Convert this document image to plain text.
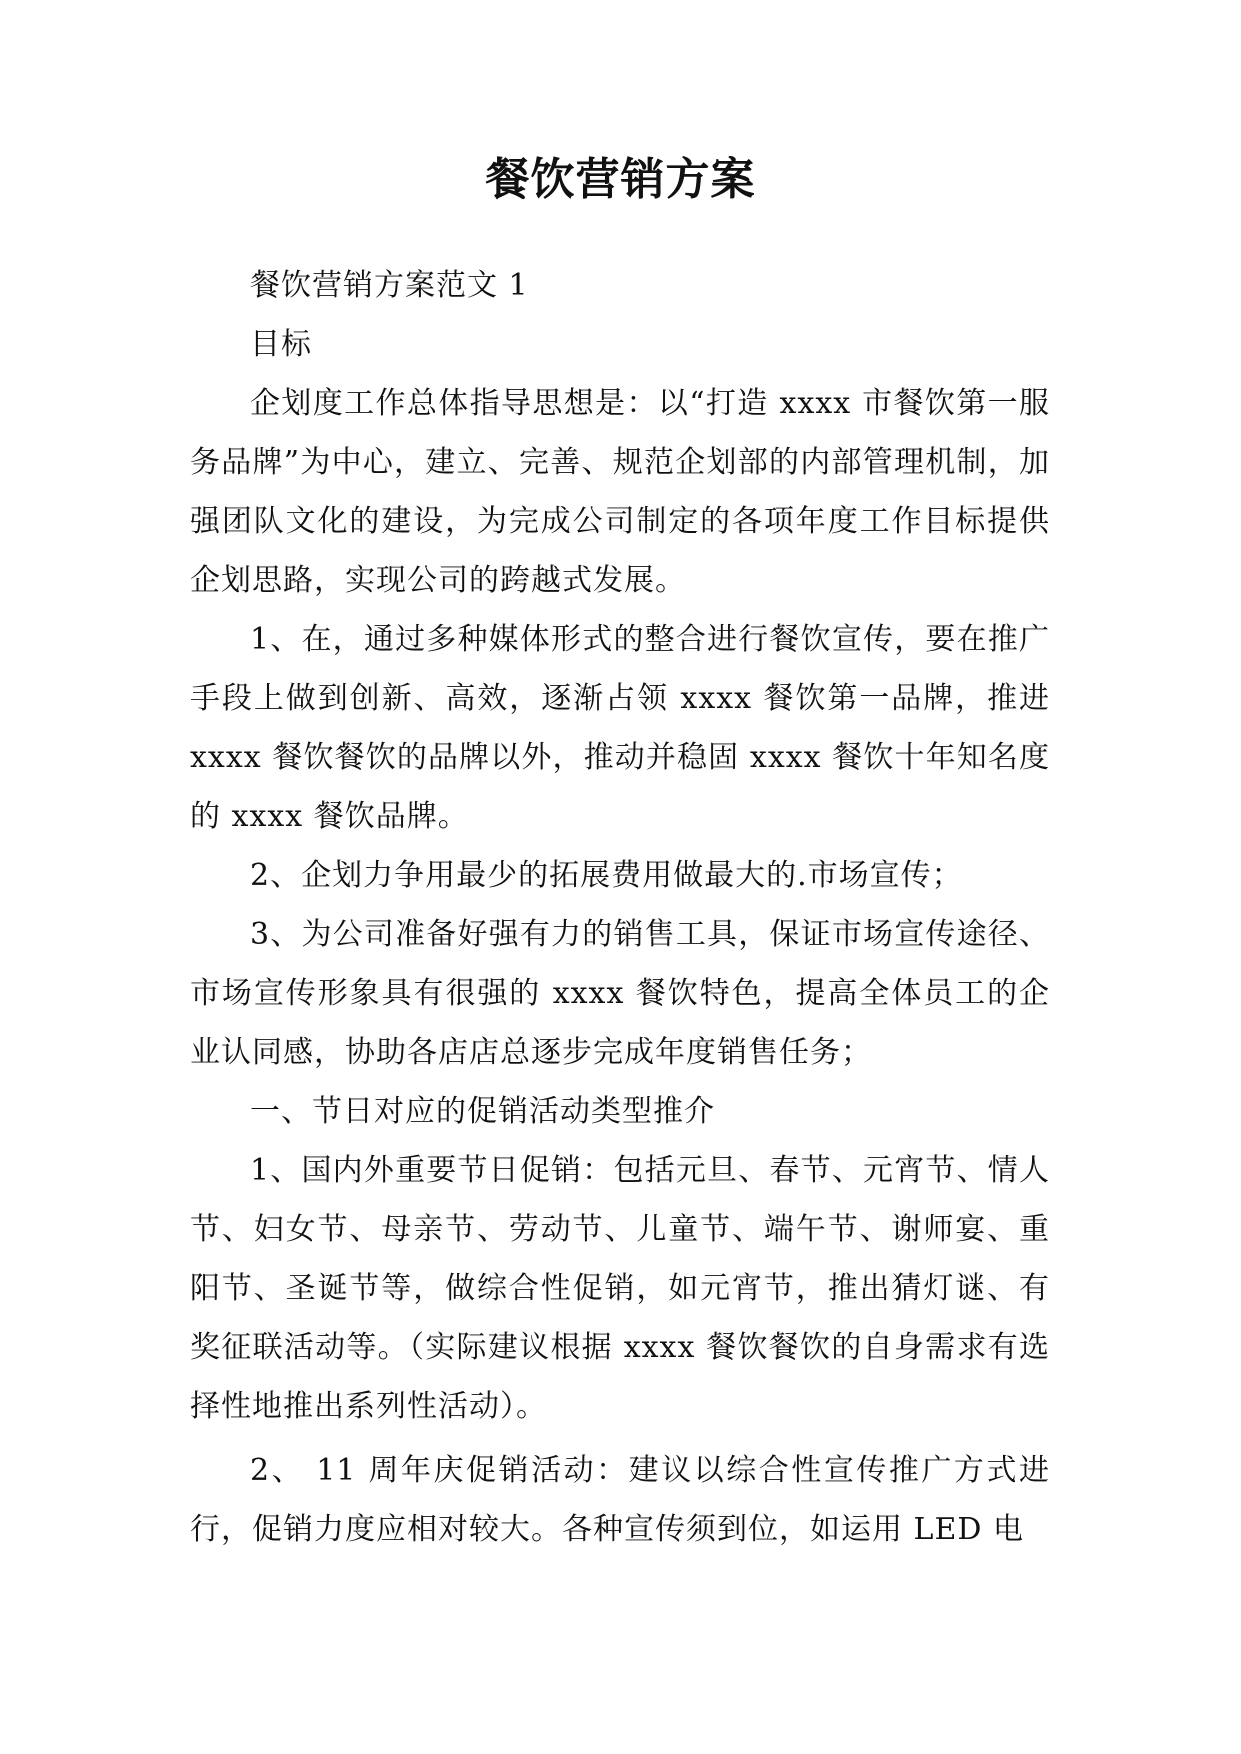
餐饮营销方案

餐饮营销方案范文 1

目标

企划度工作总体指导思想是：以“打造 xxxx 市餐饮第一服务品牌”为中心，建立、完善、规范企划部的内部管理机制，加强团队文化的建设，为完成公司制定的各项年度工作目标提供企划思路，实现公司的跨越式发展。

1、在，通过多种媒体形式的整合进行餐饮宣传，要在推广手段上做到创新、高效，逐渐占领 xxxx 餐饮第一品牌，推进 xxxx 餐饮餐饮的品牌以外，推动并稳固 xxxx 餐饮十年知名度的 xxxx 餐饮品牌。

2、企划力争用最少的拓展费用做最大的.市场宣传；

3、为公司准备好强有力的销售工具，保证市场宣传途径、市场宣传形象具有很强的 xxxx 餐饮特色，提高全体员工的企业认同感，协助各店店总逐步完成年度销售任务；

一、节日对应的促销活动类型推介

1、国内外重要节日促销：包括元旦、春节、元宵节、情人节、妇女节、母亲节、劳动节、儿童节、端午节、谢师宴、重阳节、圣诞节等，做综合性促销，如元宵节，推出猜灯谜、有奖征联活动等。（实际建议根据 xxxx 餐饮餐饮的自身需求有选择性地推出系列性活动）。

2、 11 周年庆促销活动：建议以综合性宣传推广方式进行，促销力度应相对较大。各种宣传须到位，如运用 LED 电
